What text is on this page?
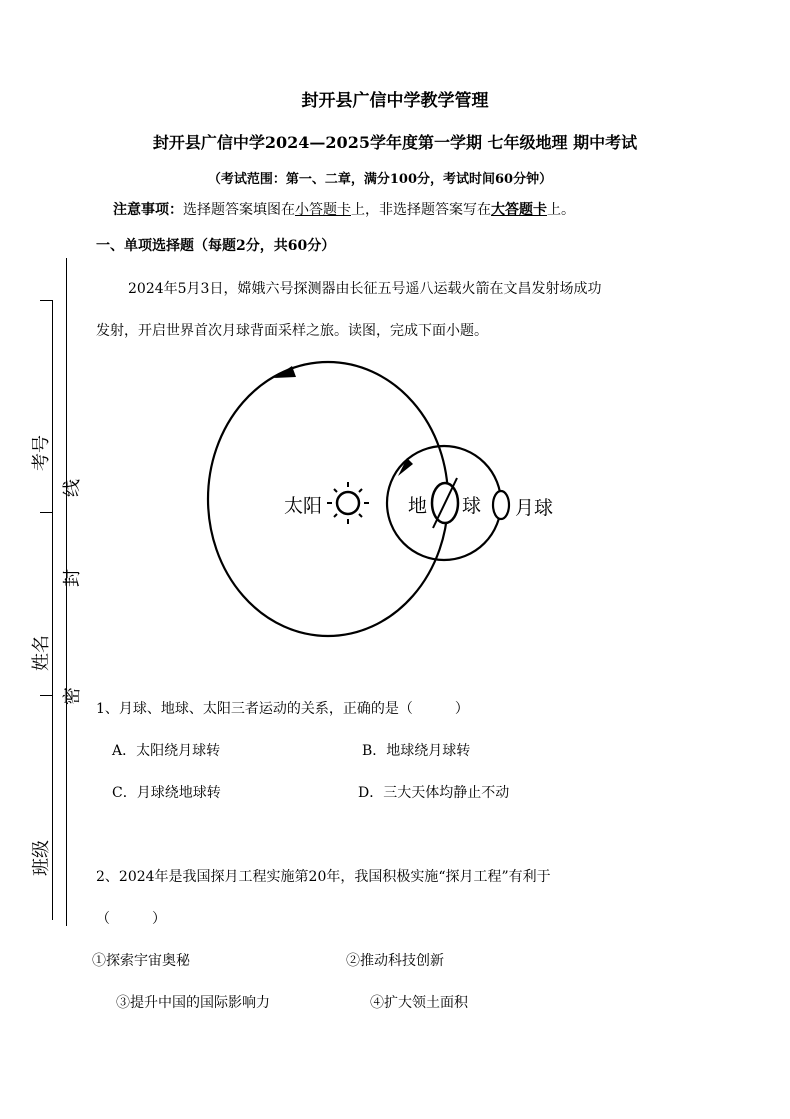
考号
线
封
姓名
密
班级
封开县广信中学教学管理
封开县广信中学2024—2025学年度第一学期 七年级地理 期中考试
（考试范围：第一、二章，满分100分，考试时间60分钟）
注意事项：选择题答案填图在小答题卡上，非选择题答案写在大答题卡上。
一、单项选择题（每题2分，共60分）
2024年5月3日，嫦娥六号探测器由长征五号遥八运载火箭在文昌发射场成功
发射，开启世界首次月球背面采样之旅。读图，完成下面小题。
太阳	地 球 月球
1、月球、地球、太阳三者运动的关系，正确的是（　　　）
A．太阳绕月球转	B．地球绕月球转
C．月球绕地球转	D．三大天体均静止不动
2、2024年是我国探月工程实施第20年，我国积极实施“探月工程”有利于
（　　　）
①探索宇宙奥秘	②推动科技创新
③提升中国的国际影响力	④扩大领土面积
